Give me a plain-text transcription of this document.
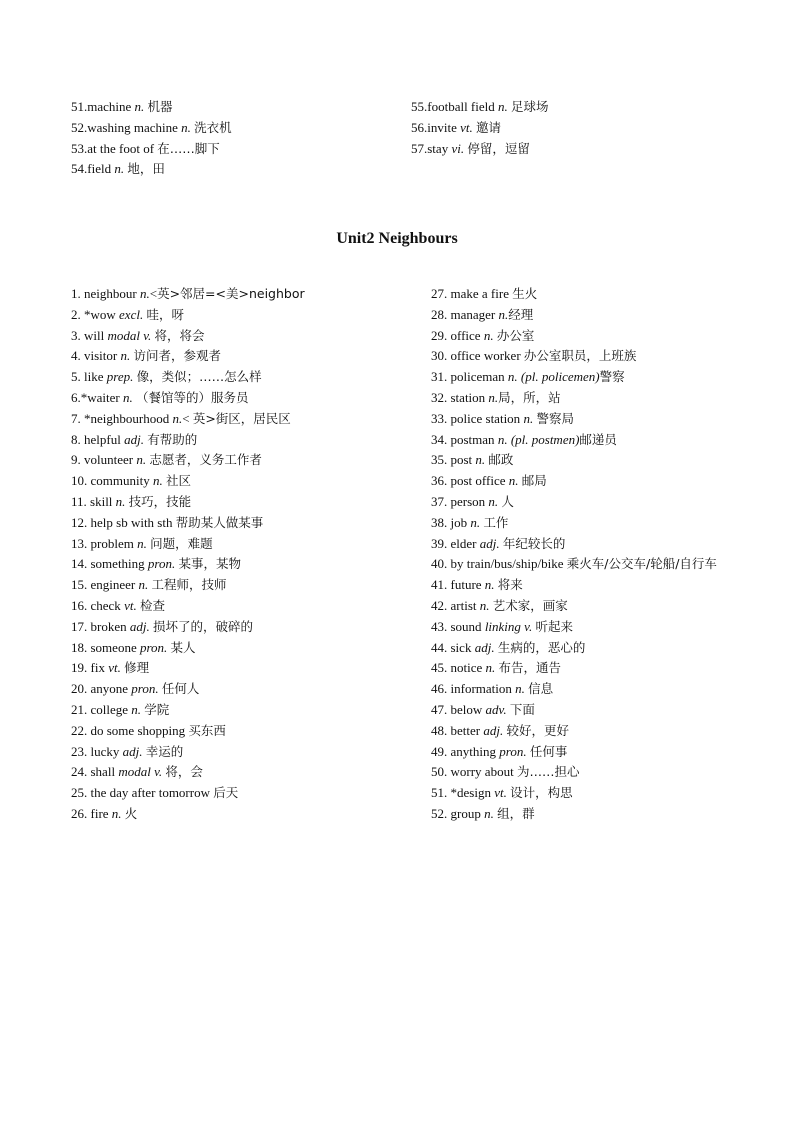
51.machine n. 机器
52.washing machine n. 洗衣机
53.at the foot of 在……脚下
54.field n. 地，田
55.football field n. 足球场
56.invite vt. 邀请
57.stay vi. 停留，逗留
Unit2 Neighbours
1. neighbour n.<英>邻居=<美>neighbor
2. *wow excl. 哇，呀
3. will modal v. 将，将会
4. visitor n. 访问者，参观者
5. like prep. 像，类似；……怎么样
6.*waiter n. （餐馆等的）服务员
7. *neighbourhood n.< 英>街区，居民区
8. helpful adj. 有帮助的
9. volunteer n. 志愿者，义务工作者
10. community n. 社区
11. skill n. 技巧，技能
12. help sb with sth 帮助某人做某事
13. problem n. 问题，难题
14. something pron. 某事，某物
15. engineer n. 工程师，技师
16. check vt. 检查
17. broken adj. 损坏了的，破碎的
18. someone pron. 某人
19. fix vt. 修理
20. anyone pron. 任何人
21. college n. 学院
22. do some shopping 买东西
23. lucky adj. 幸运的
24. shall modal v. 将，会
25. the day after tomorrow 后天
26. fire n. 火
27. make a fire 生火
28. manager n.经理
29. office n. 办公室
30. office worker 办公室职员，上班族
31. policeman n. (pl. policemen)警察
32. station n.局，所，站
33. police station n. 警察局
34. postman n. (pl. postmen)邮递员
35. post n. 邮政
36. post office n. 邮局
37. person n. 人
38. job n. 工作
39. elder adj. 年纪较长的
40. by train/bus/ship/bike 乘火车/公交车/轮船/自行车
41. future n. 将来
42. artist n. 艺术家，画家
43. sound linking v. 听起来
44. sick adj. 生病的，恶心的
45. notice n. 布告，通告
46. information n. 信息
47. below adv. 下面
48. better adj. 较好，更好
49. anything pron. 任何事
50. worry about 为……担心
51. *design vt. 设计，构思
52. group n. 组，群
